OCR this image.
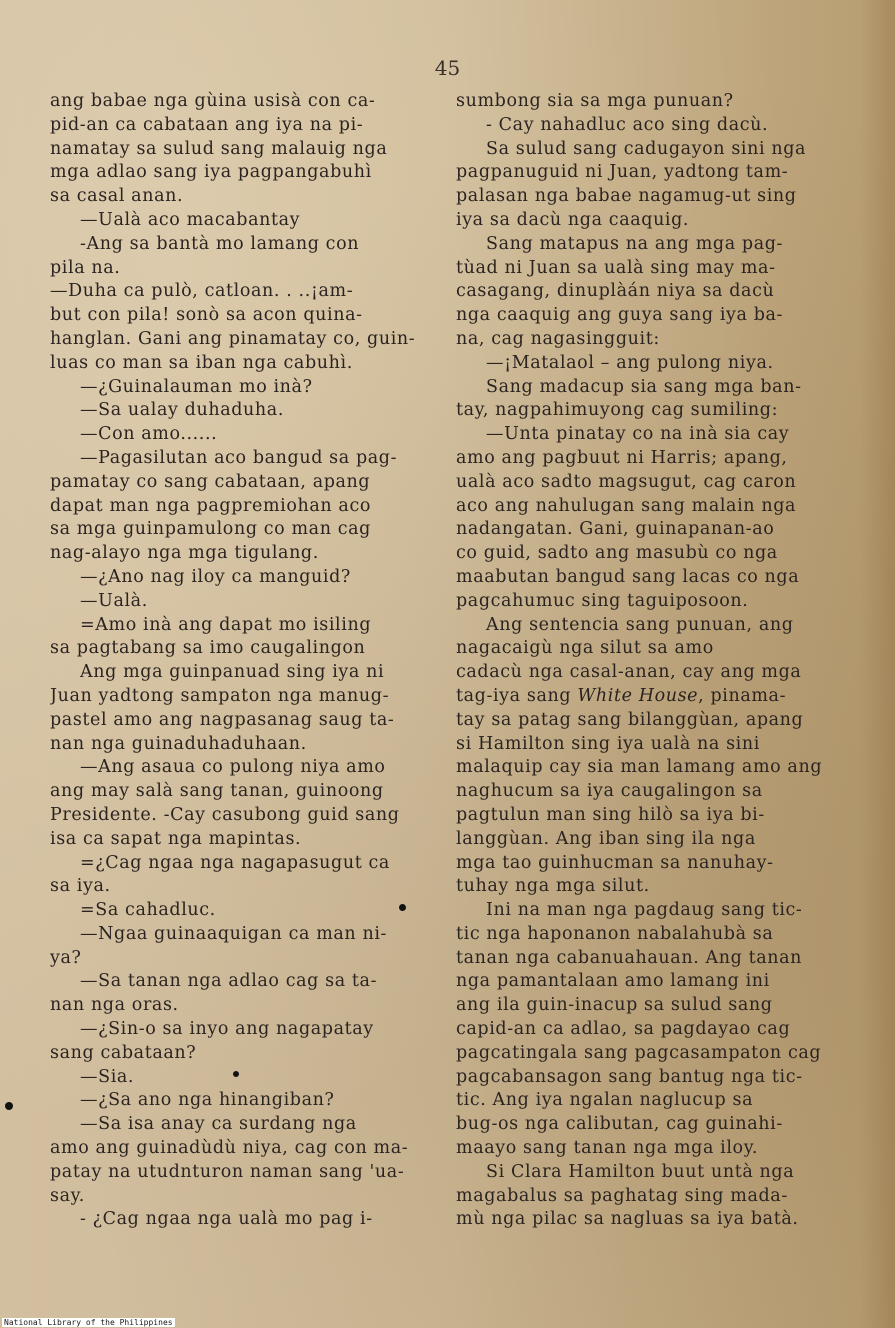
45
ang babae nga gùina usisà con ca-
pid-an ca cabataan ang iya na pi-
namatay sa sulud sang malauig nga
mga adlao sang iya pagpangabuhì
sa casal anan.
—Ualà aco macabantay
-Ang sa bantà mo lamang con
pila na.
—Duha ca pulò, catloan. . ..¡am-
but con pila! sonò sa acon quina-
hanglan. Gani ang pinamatay co, guin-
luas co man sa iban nga cabuhì.
—¿Guinalauman mo inà?
—Sa ualay duhaduha.
—Con amo......
—Pagasilutan aco bangud sa pag-
pamatay co sang cabataan, apang
dapat man nga pagpremiohan aco
sa mga guinpamulong co man cag
nag-alayo nga mga tigulang.
—¿Ano nag iloy ca manguid?
—Ualà.
=Amo inà ang dapat mo isiling
sa pagtabang sa imo caugalingon
Ang mga guinpanuad sing iya ni
Juan yadtong sampaton nga manug-
pastel amo ang nagpasanag saug ta-
nan nga guinaduhaduhaan.
—Ang asaua co pulong niya amo
ang may salà sang tanan, guinoong
Presidente. -Cay casubong guid sang
isa ca sapat nga mapintas.
=¿Cag ngaa nga nagapasugut ca
sa iya.
=Sa cahadluc.
—Ngaa guinaaquigan ca man ni-
ya?
—Sa tanan nga adlao cag sa ta-
nan nga oras.
—¿Sin-o sa inyo ang nagapatay
sang cabataan?
—Sia.
—¿Sa ano nga hinangiban?
—Sa isa anay ca surdang nga
amo ang guinadùdù niya, cag con ma-
patay na utudnturon naman sang 'ua-
say.
- ¿Cag ngaa nga ualà mo pag i-
sumbong sia sa mga punuan?
- Cay nahadluc aco sing dacù.
Sa sulud sang cadugayon sini nga
pagpanuguid ni Juan, yadtong tam-
palasan nga babae nagamug-ut sing
iya sa dacù nga caaquig.
Sang matapus na ang mga pag-
tùad ni Juan sa ualà sing may ma-
casagang, dinuplàán niya sa dacù
nga caaquig ang guya sang iya ba-
na, cag nagasingguit:
—¡Matalaol – ang pulong niya.
Sang madacup sia sang mga ban-
tay, nagpahimuyong cag sumiling:
—Unta pinatay co na inà sia cay
amo ang pagbuut ni Harris; apang,
ualà aco sadto magsugut, cag caron
aco ang nahulugan sang malain nga
nadangatan. Gani, guinapanan-ao
co guid, sadto ang masubù co nga
maabutan bangud sang lacas co nga
pagcahumuc sing taguiposoon.
Ang sentencia sang punuan, ang
nagacaigù nga silut sa amo
cadacù nga casal-anan, cay ang mga
tag-iya sang White House, pinama-
tay sa patag sang bilanggùan, apang
si Hamilton sing iya ualà na sini
malaquip cay sia man lamang amo ang
naghucum sa iya caugalingon sa
pagtulun man sing hilò sa iya bi-
langgùan. Ang iban sing ila nga
mga tao guinhucman sa nanuhay-
tuhay nga mga silut.
Ini na man nga pagdaug sang tic-
tic nga haponanon nabalahubà sa
tanan nga cabanuahauan. Ang tanan
nga pamantalaan amo lamang ini
ang ila guin-inacup sa sulud sang
capid-an ca adlao, sa pagdayao cag
pagcatingala sang pagcasampaton cag
pagcabansagon sang bantug nga tic-
tic. Ang iya ngalan naglucup sa
bug-os nga calibutan, cag guinahi-
maayo sang tanan nga mga iloy.
Si Clara Hamilton buut untà nga
magabalus sa paghatag sing mada-
mù nga pilac sa nagluas sa iya batà.
National Library of the Philippines
